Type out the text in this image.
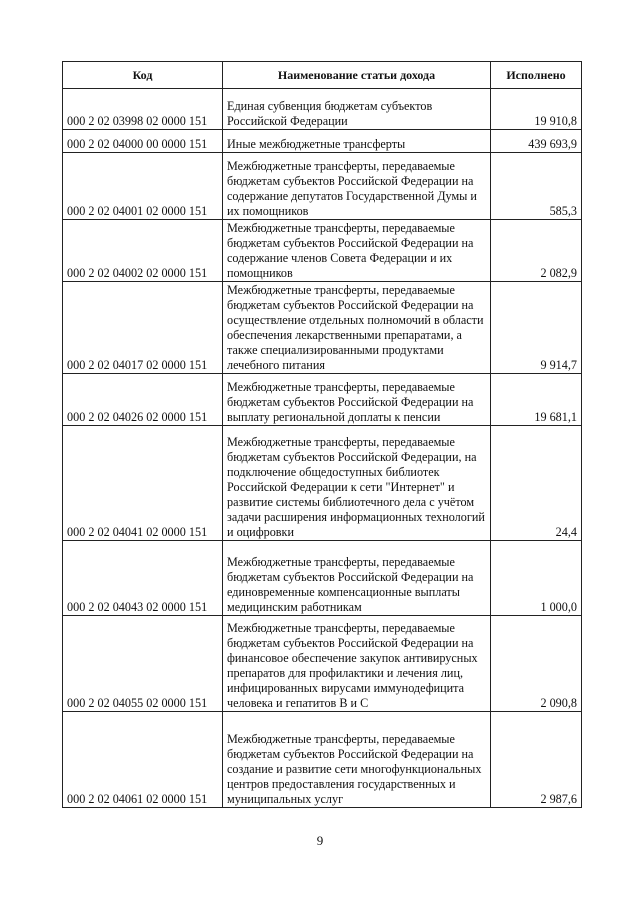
Код	Наименование статьи дохода	Исполнено
000 2 02 03998 02 0000 151	Единая субвенция бюджетам субъектов Российской Федерации	19 910,8
000 2 02 04000 00 0000 151	Иные межбюджетные трансферты	439 693,9
000 2 02 04001 02 0000 151	Межбюджетные трансферты, передаваемые бюджетам субъектов Российской Федерации на содержание депутатов Государственной Думы и их помощников	585,3
000 2 02 04002 02 0000 151	Межбюджетные трансферты, передаваемые бюджетам субъектов Российской Федерации на содержание членов Совета Федерации и их помощников	2 082,9
000 2 02 04017 02 0000 151	Межбюджетные трансферты, передаваемые бюджетам субъектов Российской Федерации на осуществление отдельных полномочий в области обеспечения лекарственными препаратами, а также специализированными продуктами лечебного питания	9 914,7
000 2 02 04026 02 0000 151	Межбюджетные трансферты, передаваемые бюджетам субъектов Российской Федерации на выплату региональной доплаты к пенсии	19 681,1
000 2 02 04041 02 0000 151	Межбюджетные трансферты, передаваемые бюджетам субъектов Российской Федерации, на подключение общедоступных библиотек Российской Федерации к сети "Интернет" и развитие системы библиотечного дела с учётом задачи расширения информационных технологий и оцифровки	24,4
000 2 02 04043 02 0000 151	Межбюджетные трансферты, передаваемые бюджетам субъектов Российской Федерации на единовременные компенсационные выплаты медицинским работникам	1 000,0
000 2 02 04055 02 0000 151	Межбюджетные трансферты, передаваемые бюджетам субъектов Российской Федерации на финансовое обеспечение закупок антивирусных препаратов для профилактики и лечения лиц, инфицированных вирусами иммунодефицита человека и гепатитов В и С	2 090,8
000 2 02 04061 02 0000 151	Межбюджетные трансферты, передаваемые бюджетам субъектов Российской Федерации на создание и развитие сети многофункциональных центров предоставления государственных и муниципальных услуг	2 987,6
9
